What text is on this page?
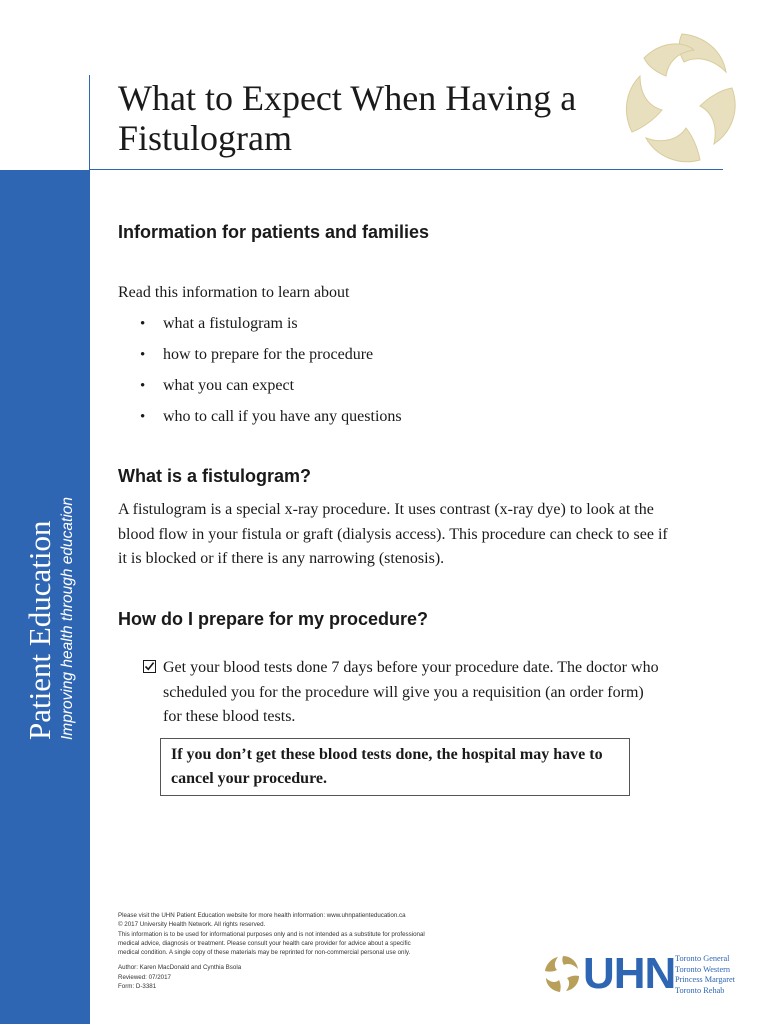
What to Expect When Having a Fistulogram
Patient Education Improving health through education
Information for patients and families
Read this information to learn about
• what a fistulogram is
• how to prepare for the procedure
• what you can expect
• who to call if you have any questions
What is a fistulogram?
A fistulogram is a special x-ray procedure. It uses contrast (x-ray dye) to look at the blood flow in your fistula or graft (dialysis access). This procedure can check to see if it is blocked or if there is any narrowing (stenosis).
How do I prepare for my procedure?
Get your blood tests done 7 days before your procedure date. The doctor who scheduled you for the procedure will give you a requisition (an order form) for these blood tests.
If you don’t get these blood tests done, the hospital may have to cancel your procedure.

Please visit the UHN Patient Education website for more health information: www.uhnpatienteducation.ca

© 2017 University Health Network. All rights reserved.

This information is to be used for informational purposes only and is not intended as a substitute for professional

medical advice, diagnosis or treatment. Please consult your health care provider for advice about a specific

medical condition. A single copy of these materials may be reprinted for non-commercial personal use only.

Author: Karen MacDonald and Cynthia Bsola

Reviewed: 07/2017

Form: D-3381	UHN Toronto General
Toronto Western
Princess Margaret
Toronto Rehab
